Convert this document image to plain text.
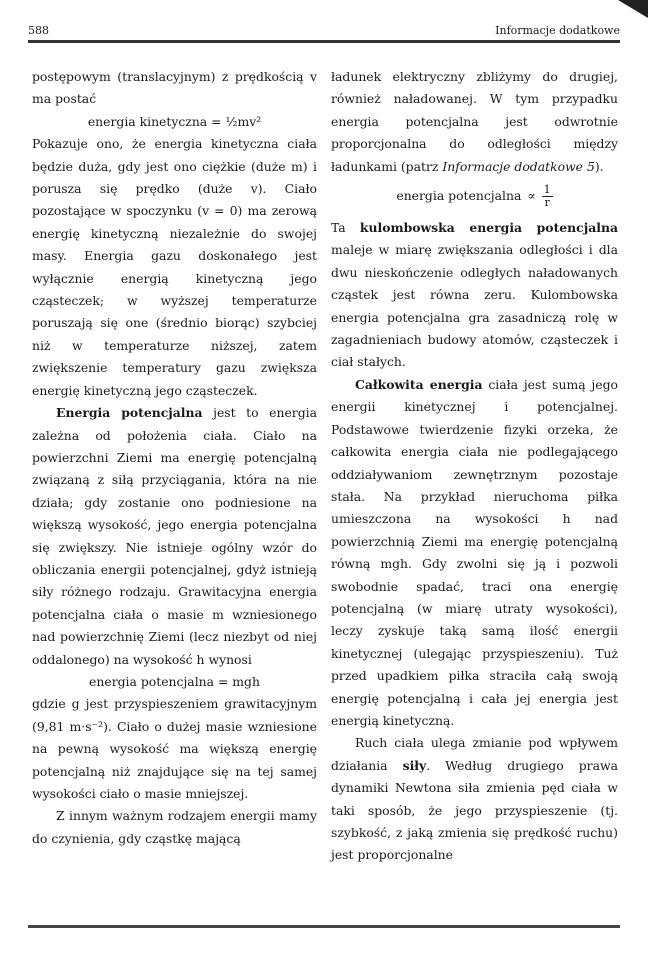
588	Informacje dodatkowe

postępowym (translacyjnym) z prędkością v ma postać

energia kinetyczna = ½mv²

Pokazuje ono, że energia kinetyczna ciała będzie duża, gdy jest ono ciężkie (duże m) i porusza się prędko (duże v). Ciało pozostające w spoczynku (v = 0) ma zerową energię kinetyczną niezależnie do swojej masy. Energia gazu doskonałego jest wyłącznie energią kinetyczną jego cząsteczek; w wyższej temperaturze poruszają się one (średnio biorąc) szybciej niż w temperaturze niższej, zatem zwiększenie temperatury gazu zwiększa energię kinetyczną jego cząsteczek.

Energia potencjalna jest to energia zależna od położenia ciała. Ciało na powierzchni Ziemi ma energię potencjalną związaną z siłą przyciągania, która na nie działa; gdy zostanie ono podniesione na większą wysokość, jego energia potencjalna się zwiększy. Nie istnieje ogólny wzór do obliczania energii potencjalnej, gdyż istnieją siły różnego rodzaju. Grawitacyjna energia potencjalna ciała o masie m wzniesionego nad powierzchnię Ziemi (lecz niezbyt od niej oddalonego) na wysokość h wynosi

energia potencjalna = mgh

gdzie g jest przyspieszeniem grawitacyjnym (9,81 m·s⁻²). Ciało o dużej masie wzniesione na pewną wysokość ma większą energię potencjalną niż znajdujące się na tej samej wysokości ciało o masie mniejszej.

Z innym ważnym rodzajem energii mamy do czynienia, gdy cząstkę mającą

ładunek elektryczny zbliżymy do drugiej, również naładowanej. W tym przypadku energia potencjalna jest odwrotnie proporcjonalna do odległości między ładunkami (patrz Informacje dodatkowe 5).

energia potencjalna ∝ $\frac{1}{r}$

Ta kulombowska energia potencjalna maleje w miarę zwiększania odległości i dla dwu nieskończenie odległych naładowanych cząstek jest równa zeru. Kulombowska energia potencjalna gra zasadniczą rolę w zagadnieniach budowy atomów, cząsteczek i ciał stałych.

Całkowita energia ciała jest sumą jego energii kinetycznej i potencjalnej. Podstawowe twierdzenie fizyki orzeka, że całkowita energia ciała nie podlegającego oddziaływaniom zewnętrznym pozostaje stała. Na przykład nieruchoma piłka umieszczona na wysokości h nad powierzchnią Ziemi ma energię potencjalną równą mgh. Gdy zwolni się ją i pozwoli swobodnie spadać, traci ona energię potencjalną (w miarę utraty wysokości), leczy zyskuje taką samą ilość energii kinetycznej (ulegając przyspieszeniu). Tuż przed upadkiem piłka straciła całą swoją energię potencjalną i cała jej energia jest energią kinetyczną.

Ruch ciała ulega zmianie pod wpływem działania siły. Według drugiego prawa dynamiki Newtona siła zmienia pęd ciała w taki sposób, że jego przyspieszenie (tj. szybkość, z jaką zmienia się prędkość ruchu) jest proporcjonalne
